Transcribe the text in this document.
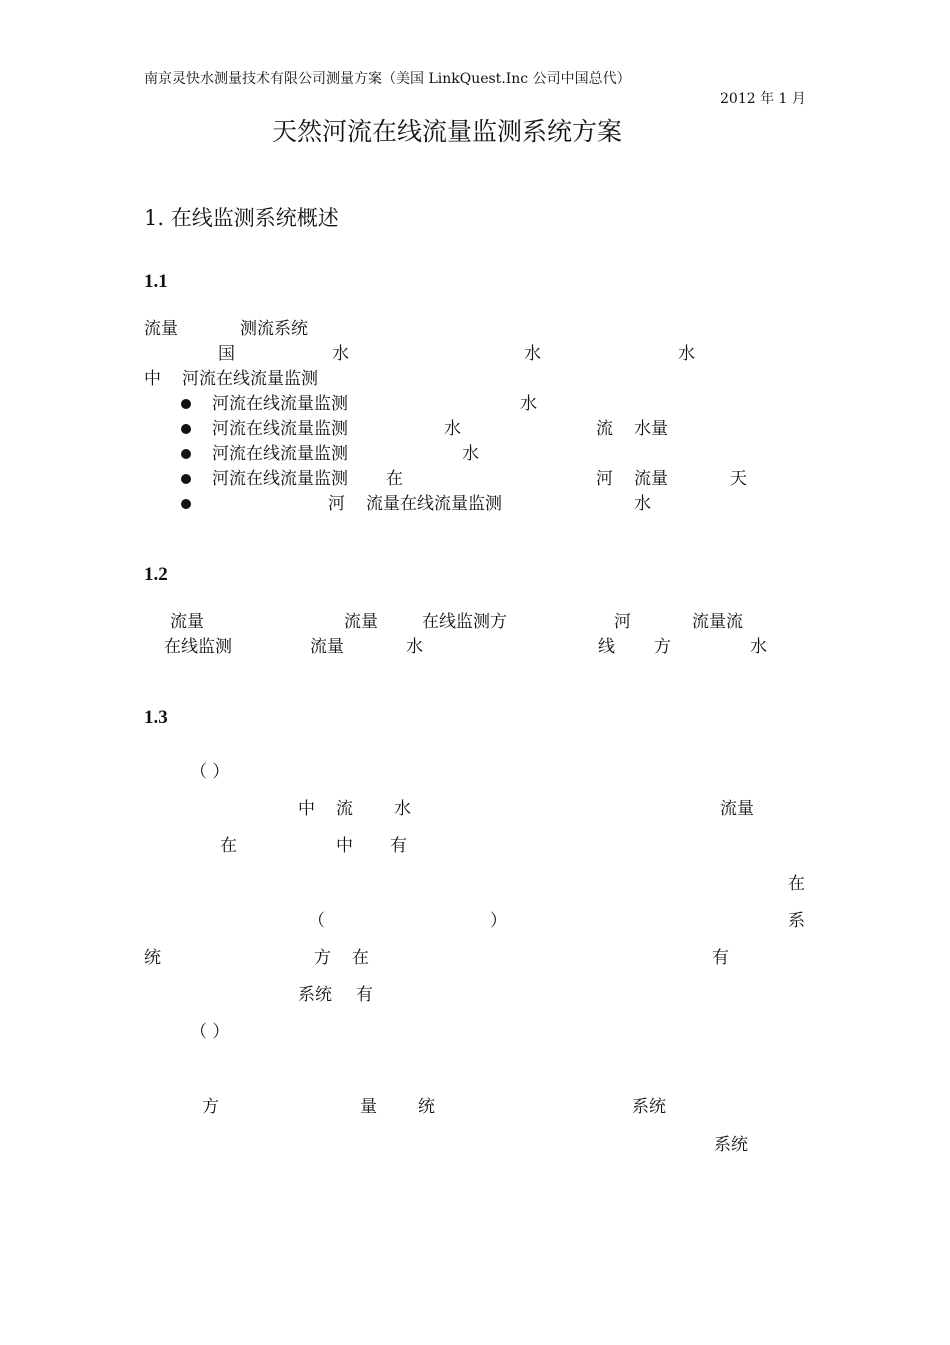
南京灵快水测量技术有限公司测量方案（美国 LinkQuest.Inc 公司中国总代）
2012 年 1 月
天然河流在线流量监测系统方案
1. 在线监测系统概述
1.1
流量	测流系统
国	水	水	水
中 河流在线流量监测
河流在线流量监测	水
河流在线流量监测	水	流 水量
河流在线流量监测	水
河流在线流量监测 在	河 流量	天
河 流量在线流量监测	水
1.2
流量	流量	在线监测方	河	流量流
在线监测	流量	水	线 方	水
1.3
（ ）
中 流 水	流量
在	中 有
在
（	）	系
统	方 在	有
系统 有
（ ）
方	量 统	系统
系统
